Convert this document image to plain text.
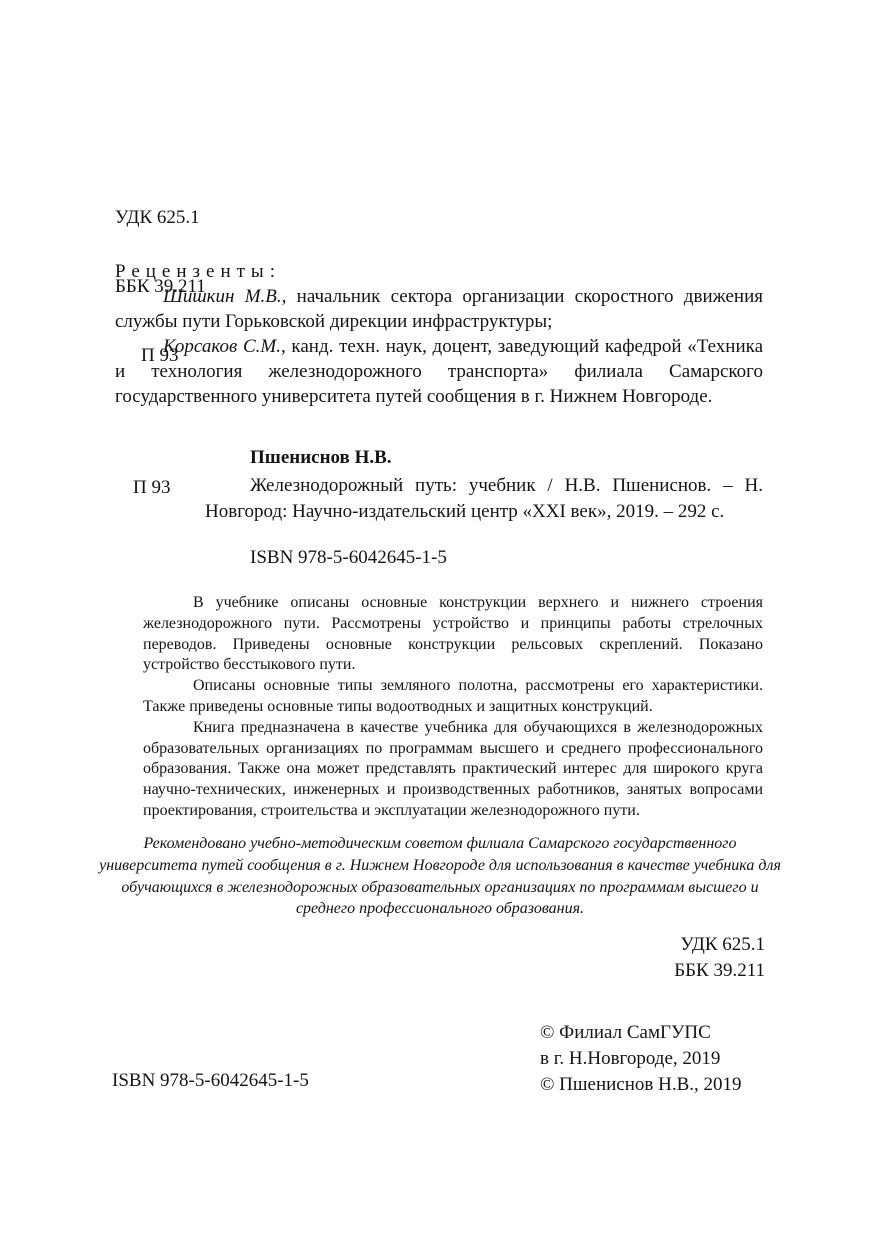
УДК 625.1

ББК 39.211

П 93

Рецензенты:

Шишкин М.В., начальник сектора организации скоростного движения службы пути Горьковской дирекции инфраструктуры;

Корсаков С.М., канд. техн. наук, доцент, заведующий кафедрой «Техника и технология железнодорожного транспорта» филиала Самарского государственного университета путей сообщения в г. Нижнем Новгороде.

Пшениснов Н.В.
П 93	Железнодорожный путь: учебник / Н.В. Пшениснов. – Н. Новгород: Научно-издательский центр «XXI век», 2019. – 292 с.
ISBN 978-5-6042645-1-5

В учебнике описаны основные конструкции верхнего и нижнего строения железнодорожного пути. Рассмотрены устройство и принципы работы стрелочных переводов. Приведены основные конструкции рельсовых скреплений. Показано устройство бесстыкового пути.

Описаны основные типы земляного полотна, рассмотрены его характеристики. Также приведены основные типы водоотводных и защитных конструкций.

Книга предназначена в качестве учебника для обучающихся в железнодорожных образовательных организациях по программам высшего и среднего профессионального образования. Также она может представлять практический интерес для широкого круга научно-технических, инженерных и производственных работников, занятых вопросами проектирования, строительства и эксплуатации железнодорожного пути.

Рекомендовано учебно-методическим советом филиала Самарского государственного университета путей сообщения в г. Нижнем Новгороде для использования в качестве учебника для обучающихся в железнодорожных образовательных организациях по программам высшего и среднего профессионального образования.
УДК 625.1
ББК 39.211
© Филиал СамГУПС
в г. Н.Новгороде, 2019
© Пшениснов Н.В., 2019
ISBN 978-5-6042645-1-5
